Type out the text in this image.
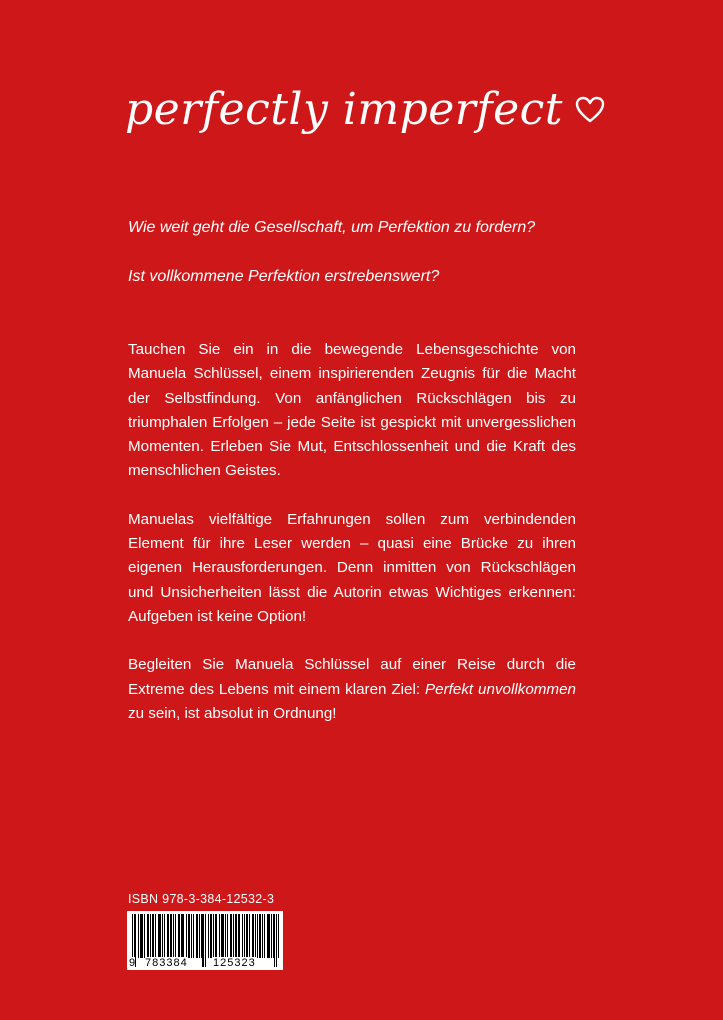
perfectly imperfect

Wie weit geht die Gesellschaft, um Perfektion zu fordern?

Ist vollkommene Perfektion erstrebenswert?

Tauchen Sie ein in die bewegende Lebensgeschichte von Manuela Schlüssel, einem inspirierenden Zeugnis für die Macht der Selbstfindung. Von anfänglichen Rückschlägen bis zu triumphalen Erfolgen – jede Seite ist gespickt mit unvergesslichen Momenten. Erleben Sie Mut, Entschlossenheit und die Kraft des menschlichen Geistes.

Manuelas vielfältige Erfahrungen sollen zum verbindenden Element für ihre Leser werden – quasi eine Brücke zu ihren eigenen Herausforderungen. Denn inmitten von Rückschlägen und Unsicherheiten lässt die Autorin etwas Wichtiges erkennen: Aufgeben ist keine Option!

Begleiten Sie Manuela Schlüssel auf einer Reise durch die Extreme des Lebens mit einem klaren Ziel: Perfekt unvollkommen zu sein, ist absolut in Ordnung!

ISBN 978-3-384-12532-3
9 783384 125323
